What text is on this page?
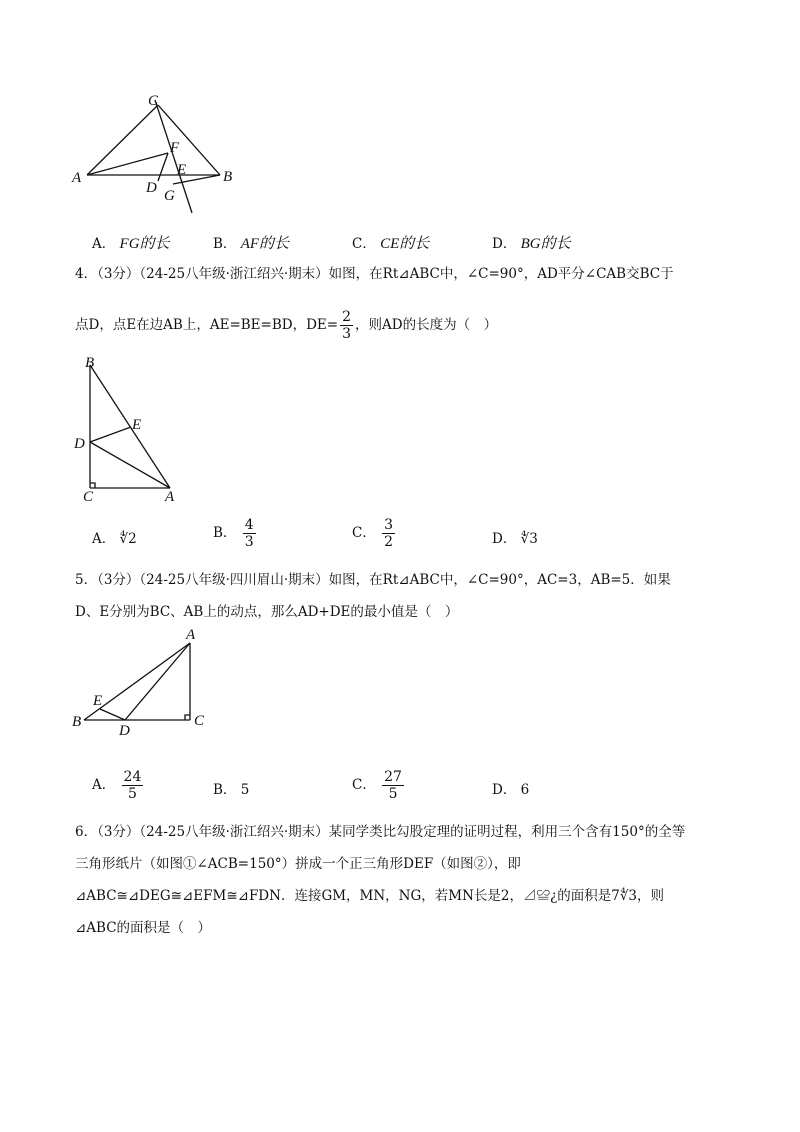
C
A	B
F
E
D G
A． FG的长	B． AF的长	C． CE的长	D． BG的长
4．（3分）（24-25八年级·浙江绍兴·期末）如图，在Rt⊿ABC中，∠C=90°，AD平分∠CAB交BC于
点D，点E在边AB上，AE=BE=BD，$DE= \frac{2}{3}$ ，则AD的长度为（　）
B
E
D
C	A
A． ∜2	B． $\frac{4}{3}$	C． $\frac{3}{2}$	D． ∜3
5．（3分）（24-25八年级·四川眉山·期末）如图，在Rt⊿ABC中，∠C=90°，AC=3，AB=5．如果
D、E分别为BC、AB上的动点，那么AD+DE的最小值是（　）
A
E
B
D
C
A． $\frac{24}{5}$	B． 5	C． $\frac{27}{5}$	D． 6
6．（3分）（24-25八年级·浙江绍兴·期末）某同学类比勾股定理的证明过程，利用三个含有150°的全等
三角形纸片（如图①∠ACB=150°）拼成一个正三角形DEF（如图②），即
⊿ABC≅⊿DEG≅⊿EFM≅⊿FDN．连接GM，MN，NG，若MN长是2，⊿≌¿的面积是7∜3，则
⊿ABC的面积是（　）
